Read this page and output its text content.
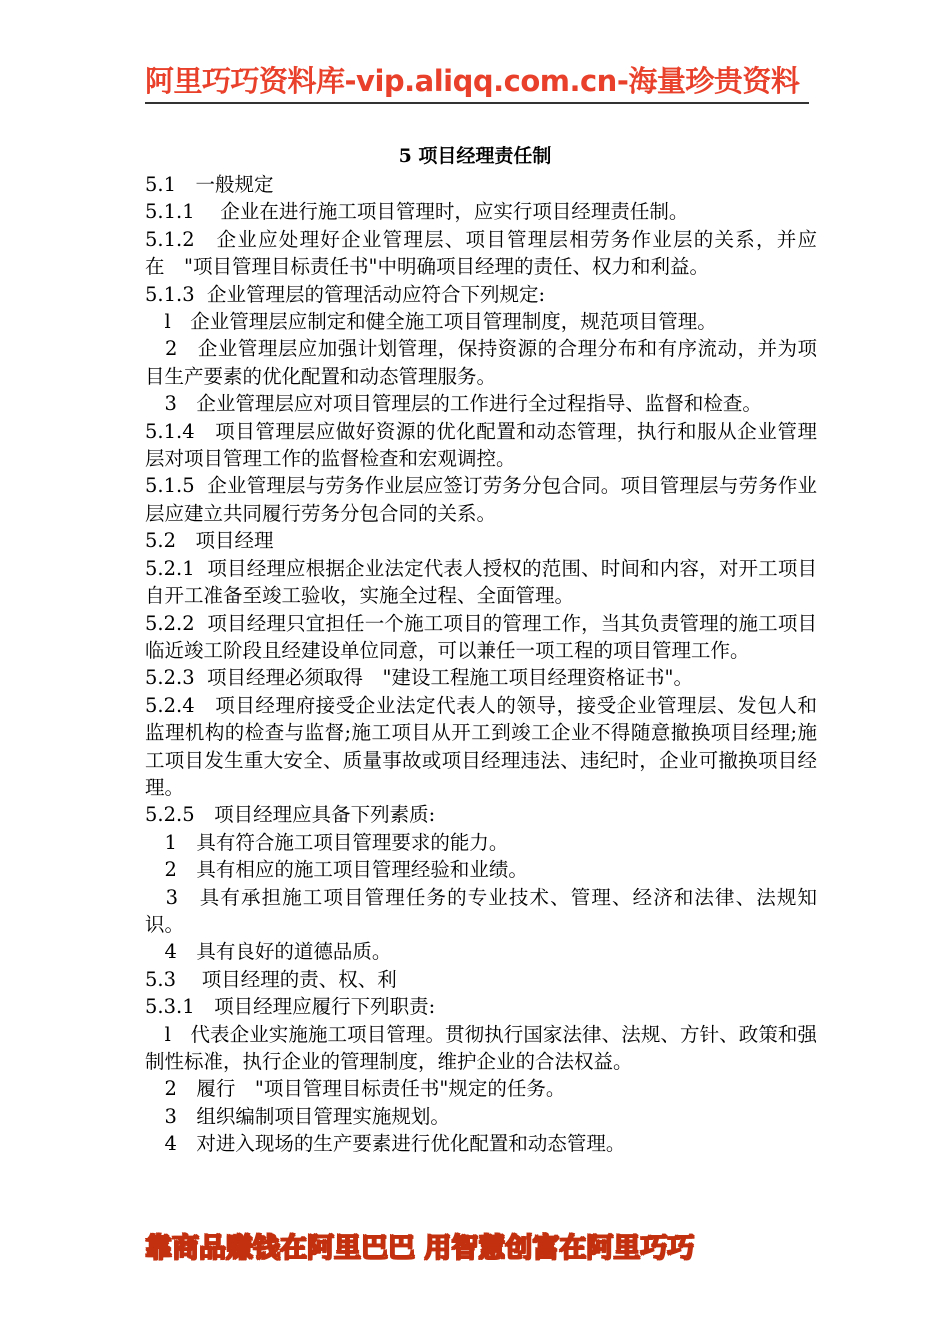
阿里巧巧资料库-vip.aliqq.com.cn-海量珍贵资料
5 项目经理责任制

5.1　一般规定

5.1.1　 企业在进行施工项目管理时，应实行项目经理责任制。

5.1.2　企业应处理好企业管理层、项目管理层相劳务作业层的关系，并应在　"项目管理目标责任书"中明确项目经理的责任、权力和利益。

5.1.3  企业管理层的管理活动应符合下列规定:

　l　企业管理层应制定和健全施工项目管理制度，规范项目管理。

　2　企业管理层应加强计划管理，保持资源的合理分布和有序流动，并为项目生产要素的优化配置和动态管理服务。

　3　企业管理层应对项目管理层的工作进行全过程指导、监督和检查。

5.1.4　项目管理层应做好资源的优化配置和动态管理，执行和服从企业管理层对项目管理工作的监督检查和宏观调控。

5.1.5  企业管理层与劳务作业层应签订劳务分包合同。项目管理层与劳务作业层应建立共同履行劳务分包合同的关系。

5.2　项目经理

5.2.1  项目经理应根据企业法定代表人授权的范围、时间和内容，对开工项目自开工准备至竣工验收，实施全过程、全面管理。

5.2.2  项目经理只宜担任一个施工项目的管理工作，当其负责管理的施工项目临近竣工阶段且经建设单位同意，可以兼任一项工程的项目管理工作。

5.2.3  项目经理必须取得　"建设工程施工项目经理资格证书"。

5.2.4　项目经理府接受企业法定代表人的领导，接受企业管理层、发包人和监理机构的检查与监督;施工项目从开工到竣工企业不得随意撤换项目经理;施工项目发生重大安全、质量事故或项目经理违法、违纪时，企业可撤换项目经理。

5.2.5　项目经理应具备下列素质:

　1　具有符合施工项目管理要求的能力。

　2　具有相应的施工项目管理经验和业绩。

　3　具有承担施工项目管理任务的专业技术、管理、经济和法律、法规知识。

　4　具有良好的道德品质。

5.3　 项目经理的责、权、利

5.3.1　项目经理应履行下列职责:

　l　代表企业实施施工项目管理。贯彻执行国家法律、法规、方针、政策和强制性标准，执行企业的管理制度，维护企业的合法权益。

　2　履行　"项目管理目标责任书"规定的任务。

　3　组织编制项目管理实施规划。

　4　对进入现场的生产要素进行优化配置和动态管理。

靠商品赚钱在阿里巴巴 用智慧创富在阿里巧巧
